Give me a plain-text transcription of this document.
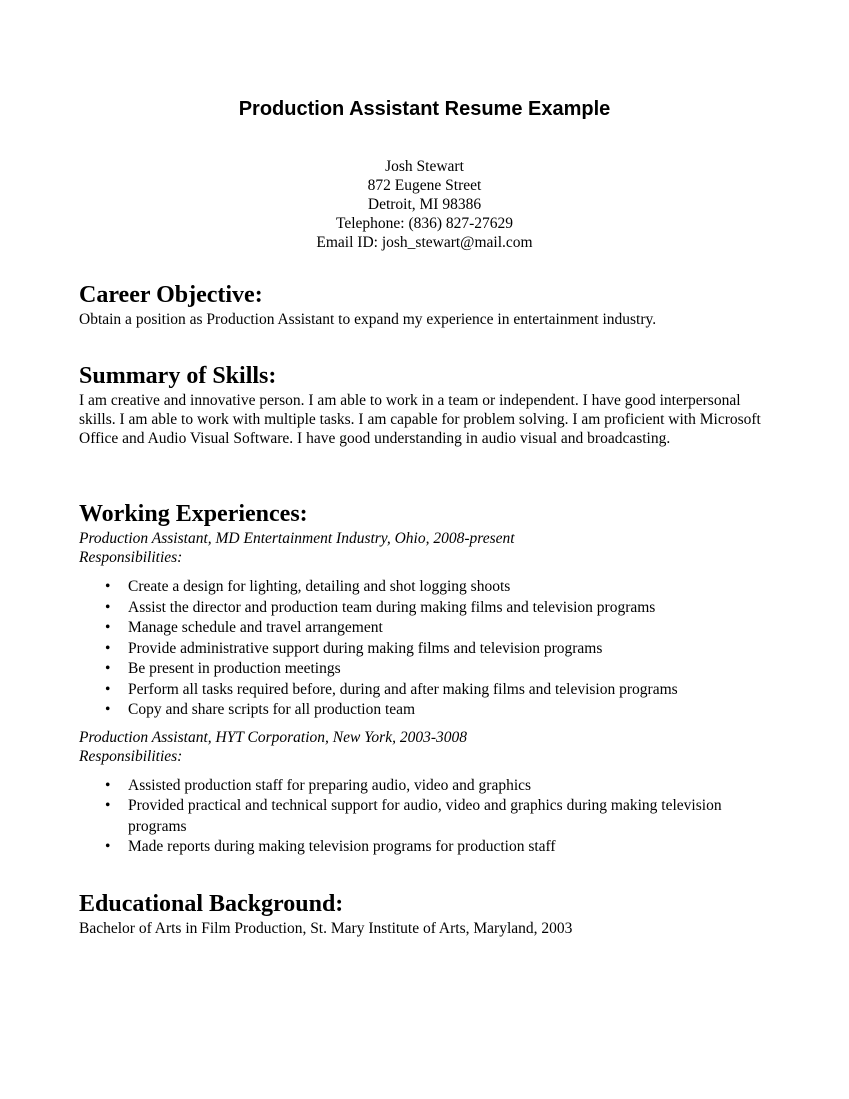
Production Assistant Resume Example
Josh Stewart
872 Eugene Street
Detroit, MI 98386
Telephone: (836) 827-27629
Email ID: josh_stewart@mail.com
Career Objective:

Obtain a position as Production Assistant to expand my experience in entertainment industry.

Summary of Skills:

I am creative and innovative person. I am able to work in a team or independent. I have good interpersonal skills. I am able to work with multiple tasks. I am capable for problem solving. I am proficient with Microsoft Office and Audio Visual Software. I have good understanding in audio visual and broadcasting.

Working Experiences:

Production Assistant, MD Entertainment Industry, Ohio, 2008-present

Responsibilities:

• Create a design for lighting, detailing and shot logging shoots
• Assist the director and production team during making films and television programs
• Manage schedule and travel arrangement
• Provide administrative support during making films and television programs
• Be present in production meetings
• Perform all tasks required before, during and after making films and television programs
• Copy and share scripts for all production team

Production Assistant, HYT Corporation, New York, 2003-3008

Responsibilities:

• Assisted production staff for preparing audio, video and graphics
• Provided practical and technical support for audio, video and graphics during making television programs
• Made reports during making television programs for production staff
Educational Background:

Bachelor of Arts in Film Production, St. Mary Institute of Arts, Maryland, 2003
